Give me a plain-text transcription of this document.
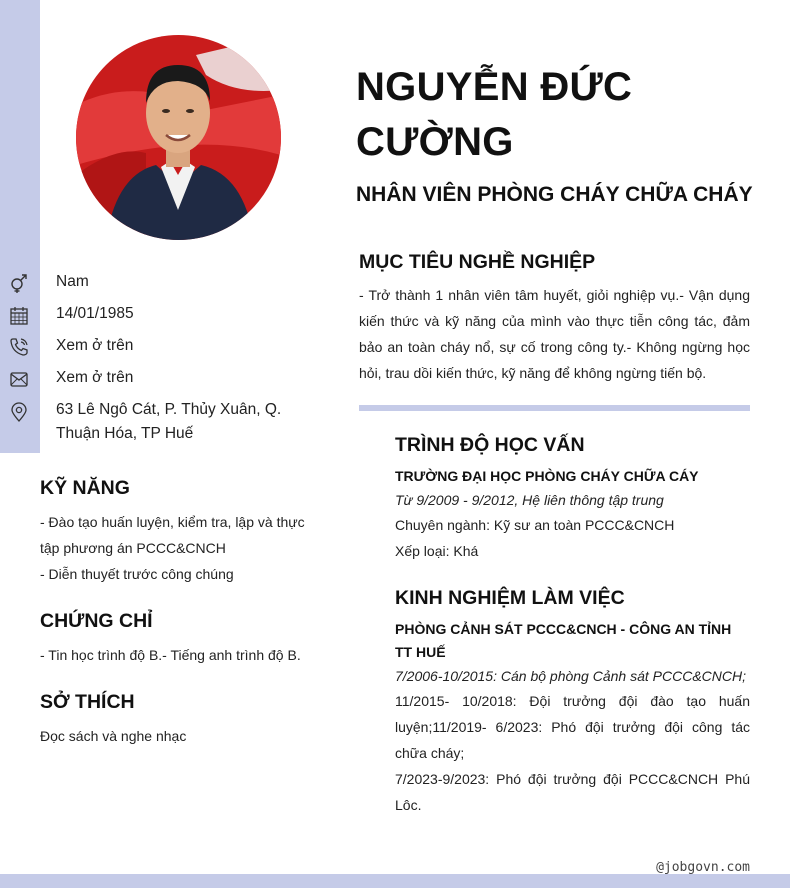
NGUYỄN ĐỨC CƯỜNG
NHÂN VIÊN PHÒNG CHÁY CHỮA CHÁY
Nam
14/01/1985
Xem ở trên
Xem ở trên
63 Lê Ngô Cát, P. Thủy Xuân, Q. Thuận Hóa, TP Huế
KỸ NĂNG
- Đào tạo huấn luyện, kiểm tra, lập và thực tập phương án PCCC&CNCH
- Diễn thuyết trước công chúng
CHỨNG CHỈ
- Tin học trình độ B.- Tiếng anh trình độ B.
SỞ THÍCH
Đọc sách và nghe nhạc
MỤC TIÊU NGHỀ NGHIỆP
- Trở thành 1 nhân viên tâm huyết, giỏi nghiệp vụ.- Vận dụng kiến thức và kỹ năng của mình vào thực tiễn công tác, đảm bảo an toàn cháy nổ, sự cố trong công ty.- Không ngừng học hỏi, trau dồi kiến thức, kỹ năng để không ngừng tiến bộ.
TRÌNH ĐỘ HỌC VẤN
TRƯỜNG ĐẠI HỌC PHÒNG CHÁY CHỮA CÁY
Từ 9/2009 - 9/2012, Hệ liên thông tập trung
Chuyên ngành: Kỹ sư an toàn PCCC&CNCH
Xếp loại: Khá
KINH NGHIỆM LÀM VIỆC
PHÒNG CẢNH SÁT PCCC&CNCH - CÔNG AN TỈNH TT HUẾ
7/2006-10/2015: Cán bộ phòng Cảnh sát PCCC&CNCH;
11/2015- 10/2018: Đội trưởng đội đào tạo huấn luyện;11/2019- 6/2023: Phó đội trưởng đội công tác chữa cháy;
7/2023-9/2023: Phó đội trưởng đội PCCC&CNCH Phú Lôc.
@jobgovn.com
